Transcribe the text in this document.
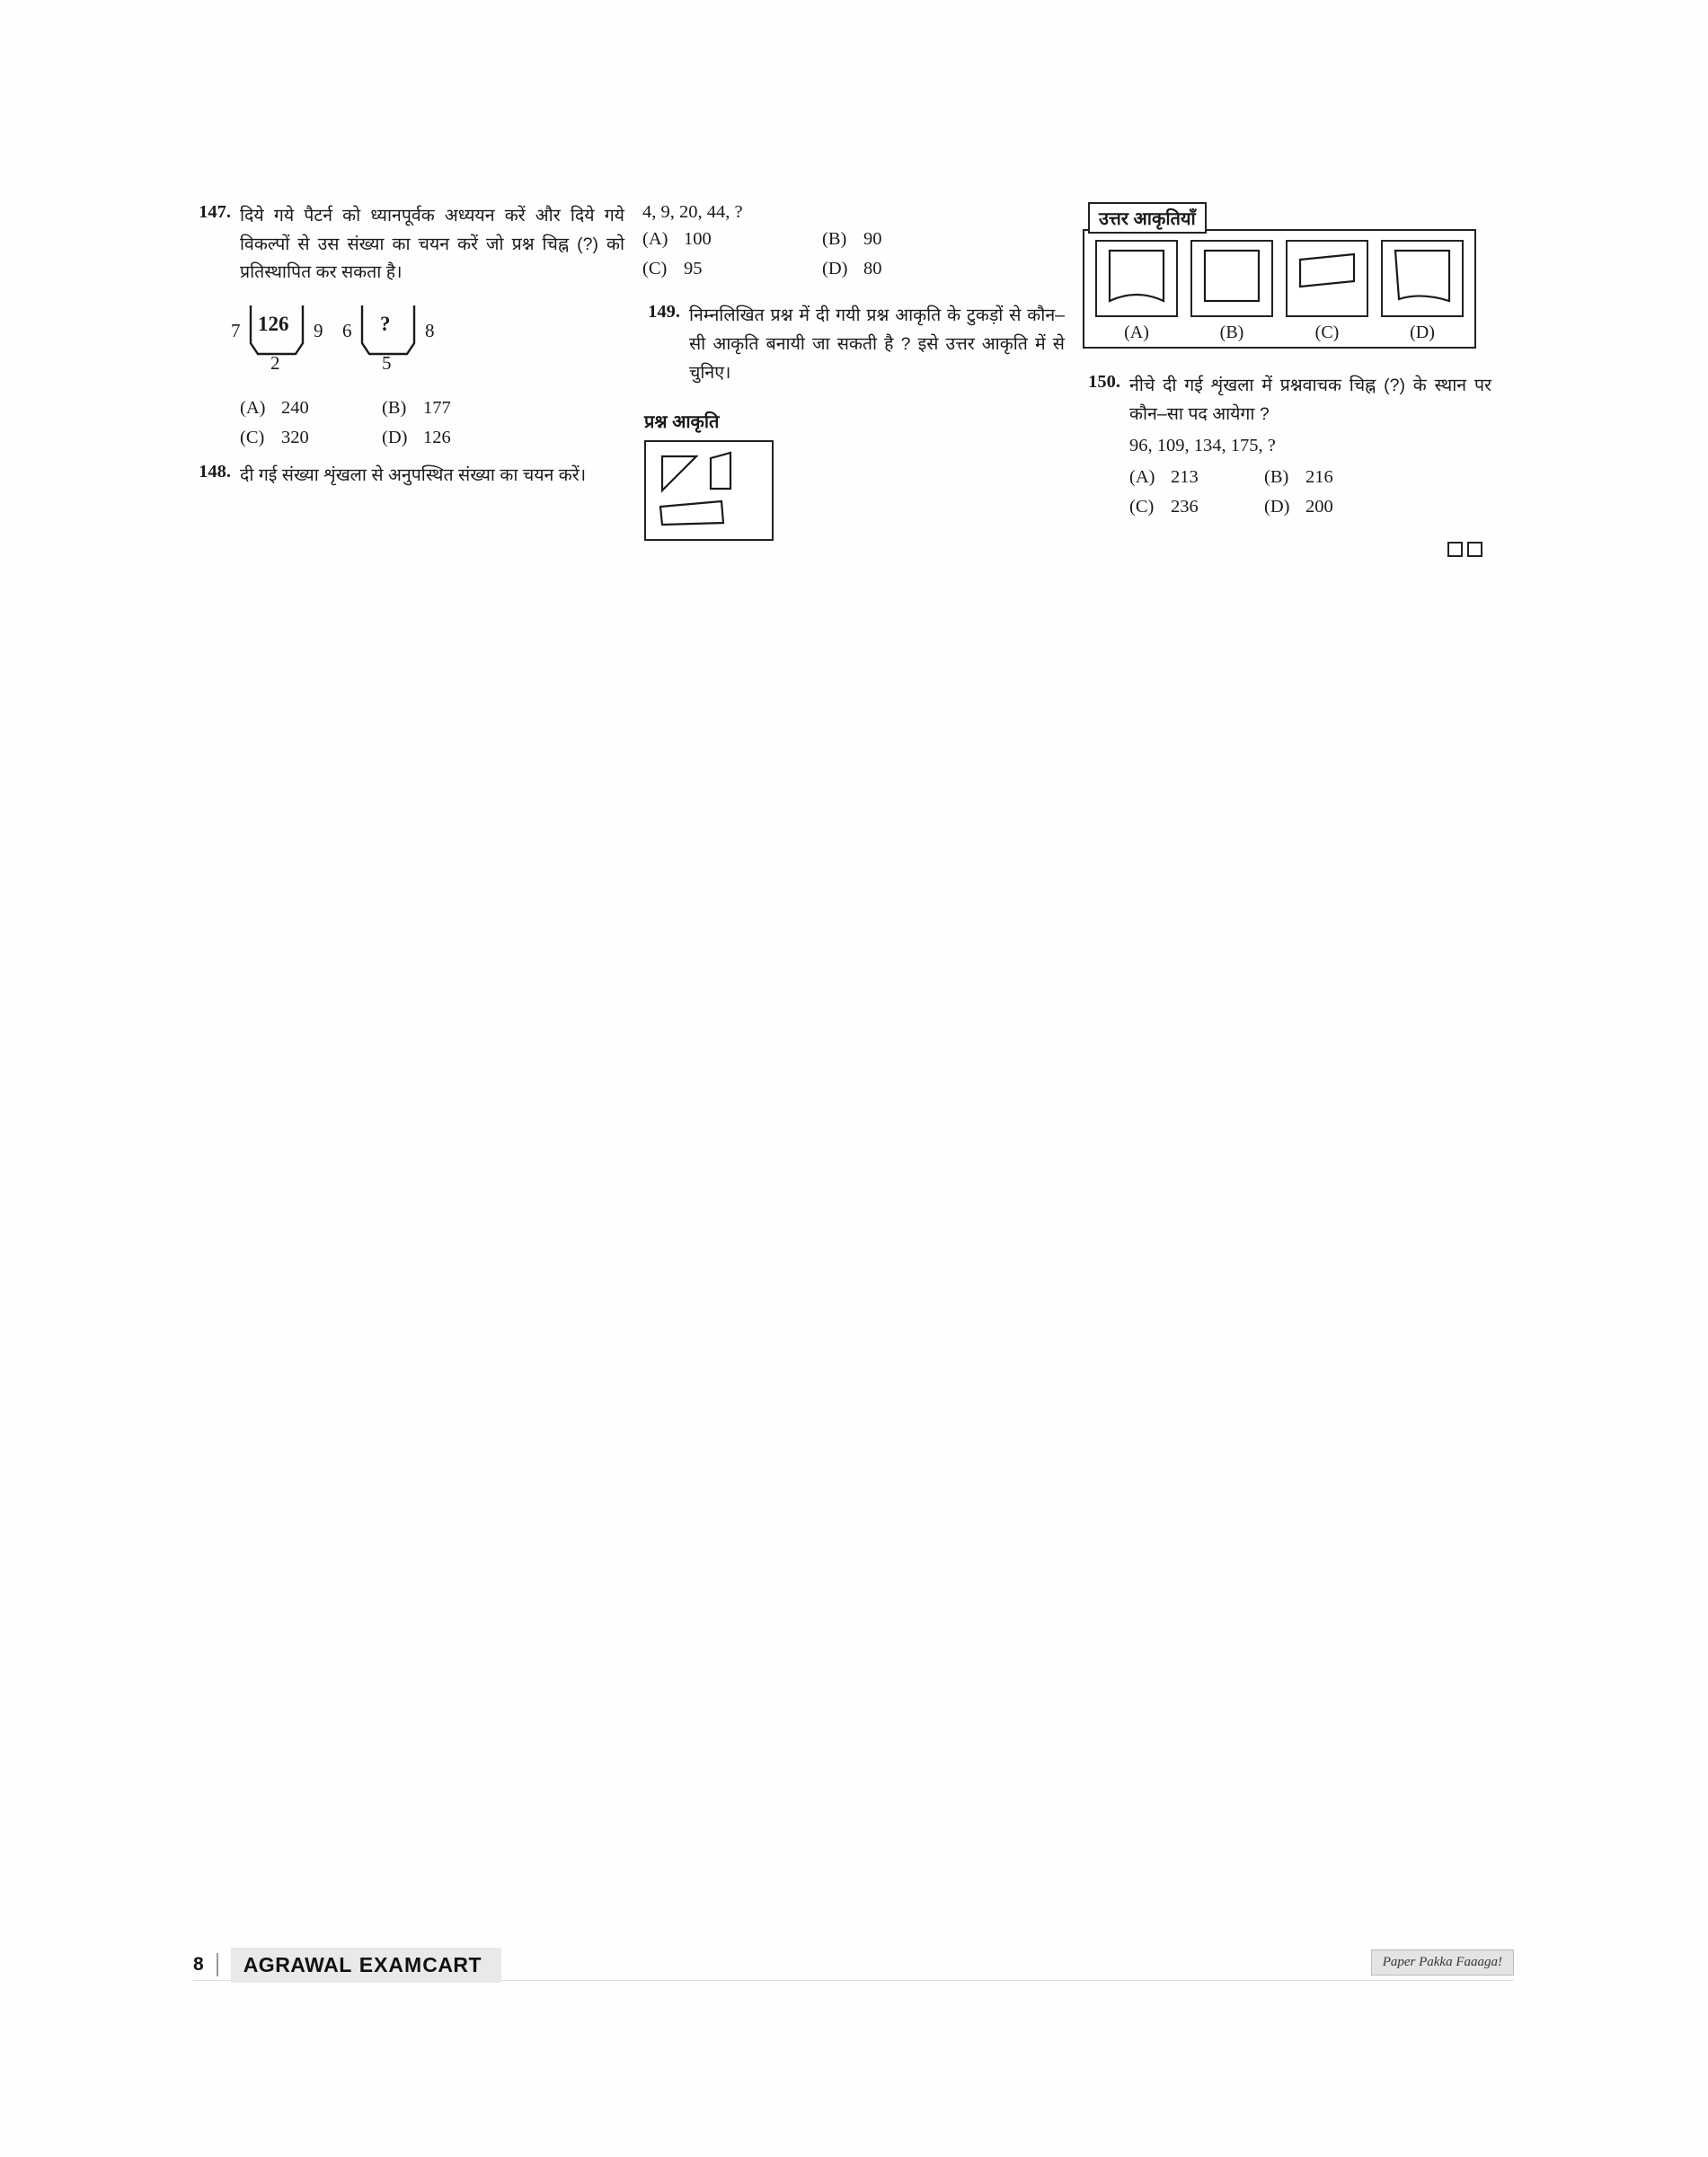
147. दिये गये पैटर्न को ध्यानपूर्वक अध्ययन करें और दिये गये विकल्पों से उस संख्या का चयन करें जो प्रश्न चिह्न (?) को प्रतिस्थापित कर सकता है।
7 126 9
2
6 ? 8
5
(A) 240	(B) 177
(C) 320	(D) 126
148. दी गई संख्या शृंखला से अनुपस्थित संख्या का चयन करें।
4, 9, 20, 44, ?
(A) 100	(B) 90
(C) 95	(D) 80
149. निम्नलिखित प्रश्न में दी गयी प्रश्न आकृति के टुकड़ों से कौन–सी आकृति बनायी जा सकती है ? इसे उत्तर आकृति में से चुनिए।
प्रश्न आकृति
उत्तर आकृतियाँ
(A)	(B)	(C)	(D)
150. नीचे दी गई शृंखला में प्रश्नवाचक चिह्न (?) के स्थान पर कौन–सा पद आयेगा ?
96, 109, 134, 175, ?
(A) 213	(B) 216
(C) 236	(D) 200
8	AGRAWAL EXAM CART	Paper Pakka Faaaga!
